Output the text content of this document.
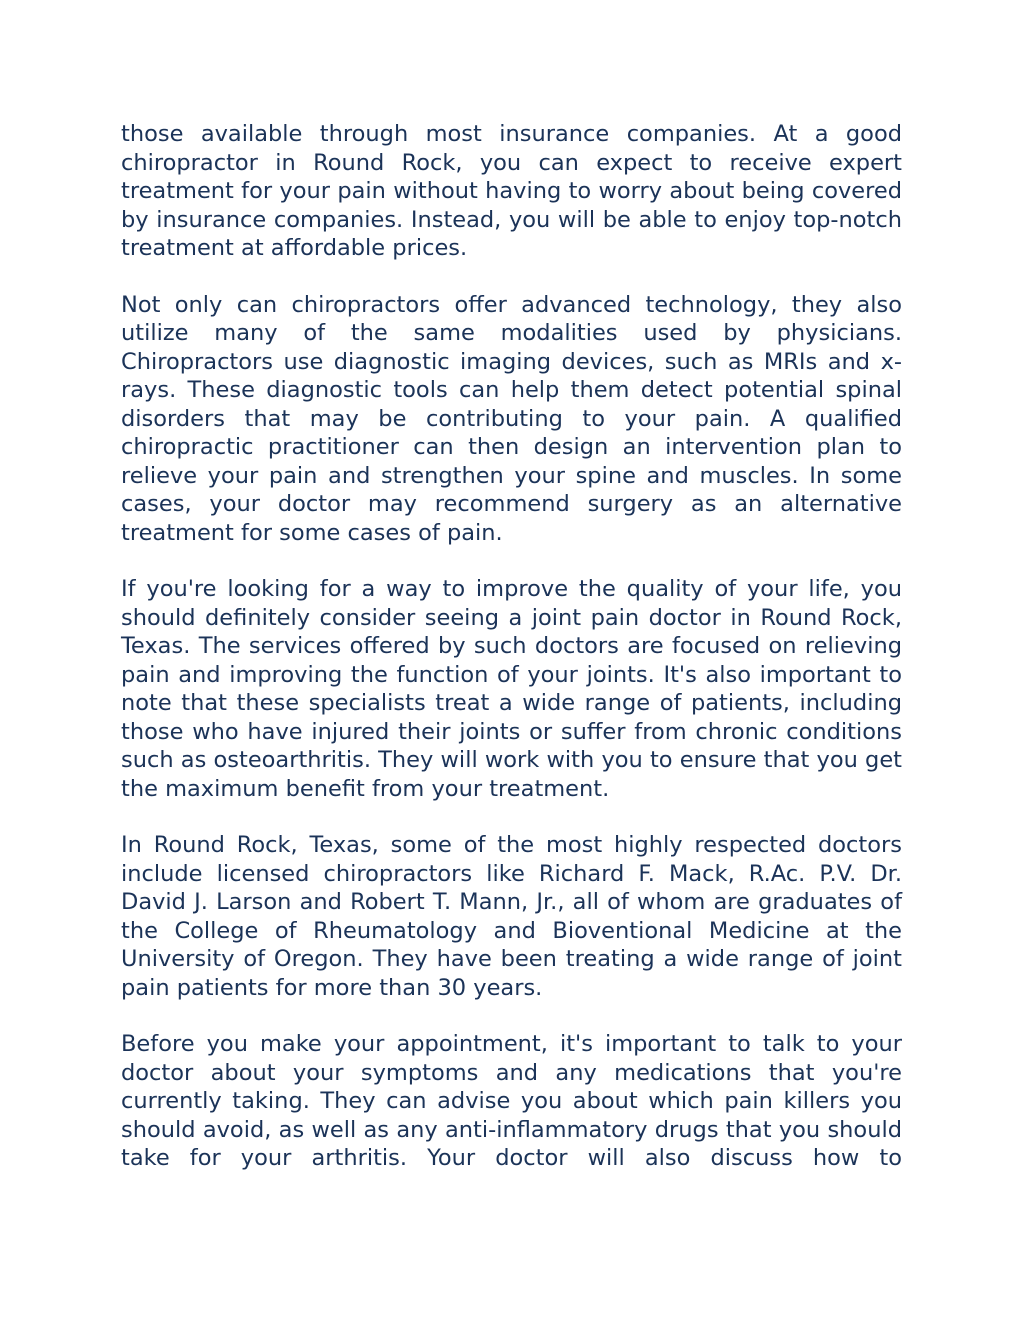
those available through most insurance companies. At a good chiropractor in Round Rock, you can expect to receive expert treatment for your pain without having to worry about being covered by insurance companies. Instead, you will be able to enjoy top-notch treatment at affordable prices.

Not only can chiropractors offer advanced technology, they also utilize many of the same modalities used by physicians. Chiropractors use diagnostic imaging devices, such as MRIs and x-rays. These diagnostic tools can help them detect potential spinal disorders that may be contributing to your pain. A qualified chiropractic practitioner can then design an intervention plan to relieve your pain and strengthen your spine and muscles. In some cases, your doctor may recommend surgery as an alternative treatment for some cases of pain.

If you're looking for a way to improve the quality of your life, you should definitely consider seeing a joint pain doctor in Round Rock, Texas. The services offered by such doctors are focused on relieving pain and improving the function of your joints. It's also important to note that these specialists treat a wide range of patients, including those who have injured their joints or suffer from chronic conditions such as osteoarthritis. They will work with you to ensure that you get the maximum benefit from your treatment.

In Round Rock, Texas, some of the most highly respected doctors include licensed chiropractors like Richard F. Mack, R.Ac. P.V. Dr. David J. Larson and Robert T. Mann, Jr., all of whom are graduates of the College of Rheumatology and Bioventional Medicine at the University of Oregon. They have been treating a wide range of joint pain patients for more than 30 years.

Before you make your appointment, it's important to talk to your doctor about your symptoms and any medications that you're currently taking. They can advise you about which pain killers you should avoid, as well as any anti-inflammatory drugs that you should take for your arthritis. Your doctor will also discuss how to
